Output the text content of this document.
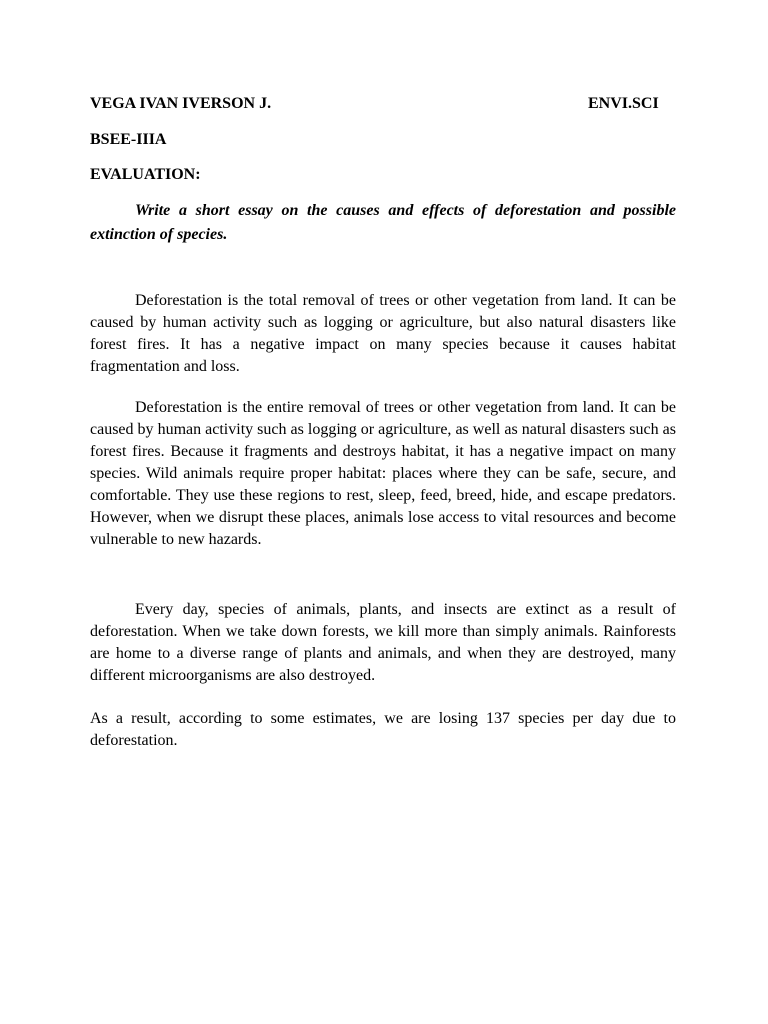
VEGA IVAN IVERSON J.	ENVI.SCI
BSEE-IIIA
EVALUATION:

Write a short essay on the causes and effects of deforestation and possible extinction of species.

Deforestation is the total removal of trees or other vegetation from land. It can be caused by human activity such as logging or agriculture, but also natural disasters like forest fires. It has a negative impact on many species because it causes habitat fragmentation and loss.

Deforestation is the entire removal of trees or other vegetation from land. It can be caused by human activity such as logging or agriculture, as well as natural disasters such as forest fires. Because it fragments and destroys habitat, it has a negative impact on many species. Wild animals require proper habitat: places where they can be safe, secure, and comfortable. They use these regions to rest, sleep, feed, breed, hide, and escape predators. However, when we disrupt these places, animals lose access to vital resources and become vulnerable to new hazards.

Every day, species of animals, plants, and insects are extinct as a result of deforestation. When we take down forests, we kill more than simply animals. Rainforests are home to a diverse range of plants and animals, and when they are destroyed, many different microorganisms are also destroyed.

As a result, according to some estimates, we are losing 137 species per day due to deforestation.
